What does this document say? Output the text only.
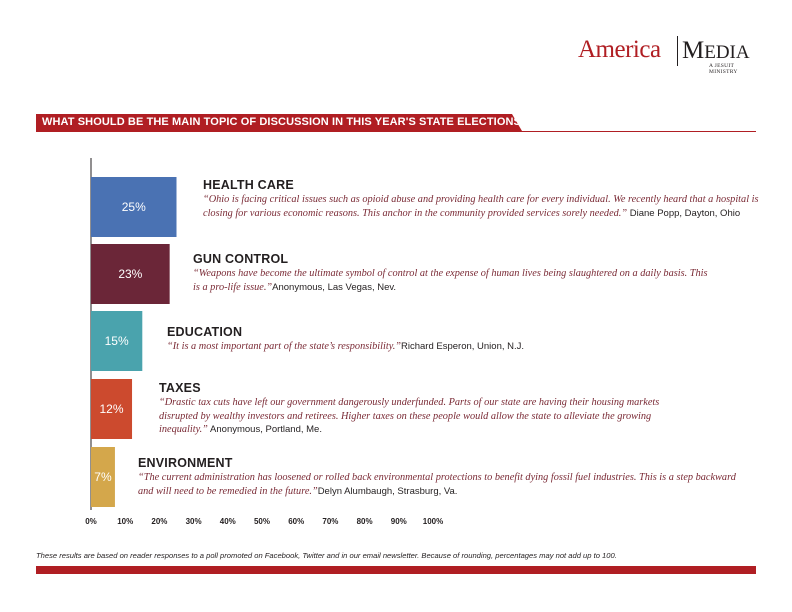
America MEDIA
A JESUIT MINISTRY
WHAT SHOULD BE THE MAIN TOPIC OF DISCUSSION IN THIS YEAR'S STATE ELECTIONS?
25%
23%
15%
12%
7%
0%	10% 20% 30% 40% 50% 60% 70% 80% 90% 100%
HEALTH CARE
“Ohio is facing critical issues such as opioid abuse and providing health care for every individual. We recently heard that a hospital is closing for various economic reasons. This anchor in the community provided services sorely needed.” Diane Popp, Dayton, Ohio
GUN CONTROL
“Weapons have become the ultimate symbol of control at the expense of human lives being slaughtered on a daily basis. This is a pro-life issue.”Anonymous, Las Vegas, Nev.
EDUCATION
“It is a most important part of the state’s responsibility.”Richard Esperon, Union, N.J.
TAXES
“Drastic tax cuts have left our government dangerously underfunded. Parts of our state are having their housing markets disrupted by wealthy investors and retirees. Higher taxes on these people would allow the state to alleviate the growing inequality.” Anonymous, Portland, Me.
ENVIRONMENT
“The current administration has loosened or rolled back environmental protections to benefit dying fossil fuel industries. This is a step backward and will need to be remedied in the future.”Delyn Alumbaugh, Strasburg, Va.
These results are based on reader responses to a poll promoted on Facebook, Twitter and in our email newsletter. Because of rounding, percentages may not add up to 100.
